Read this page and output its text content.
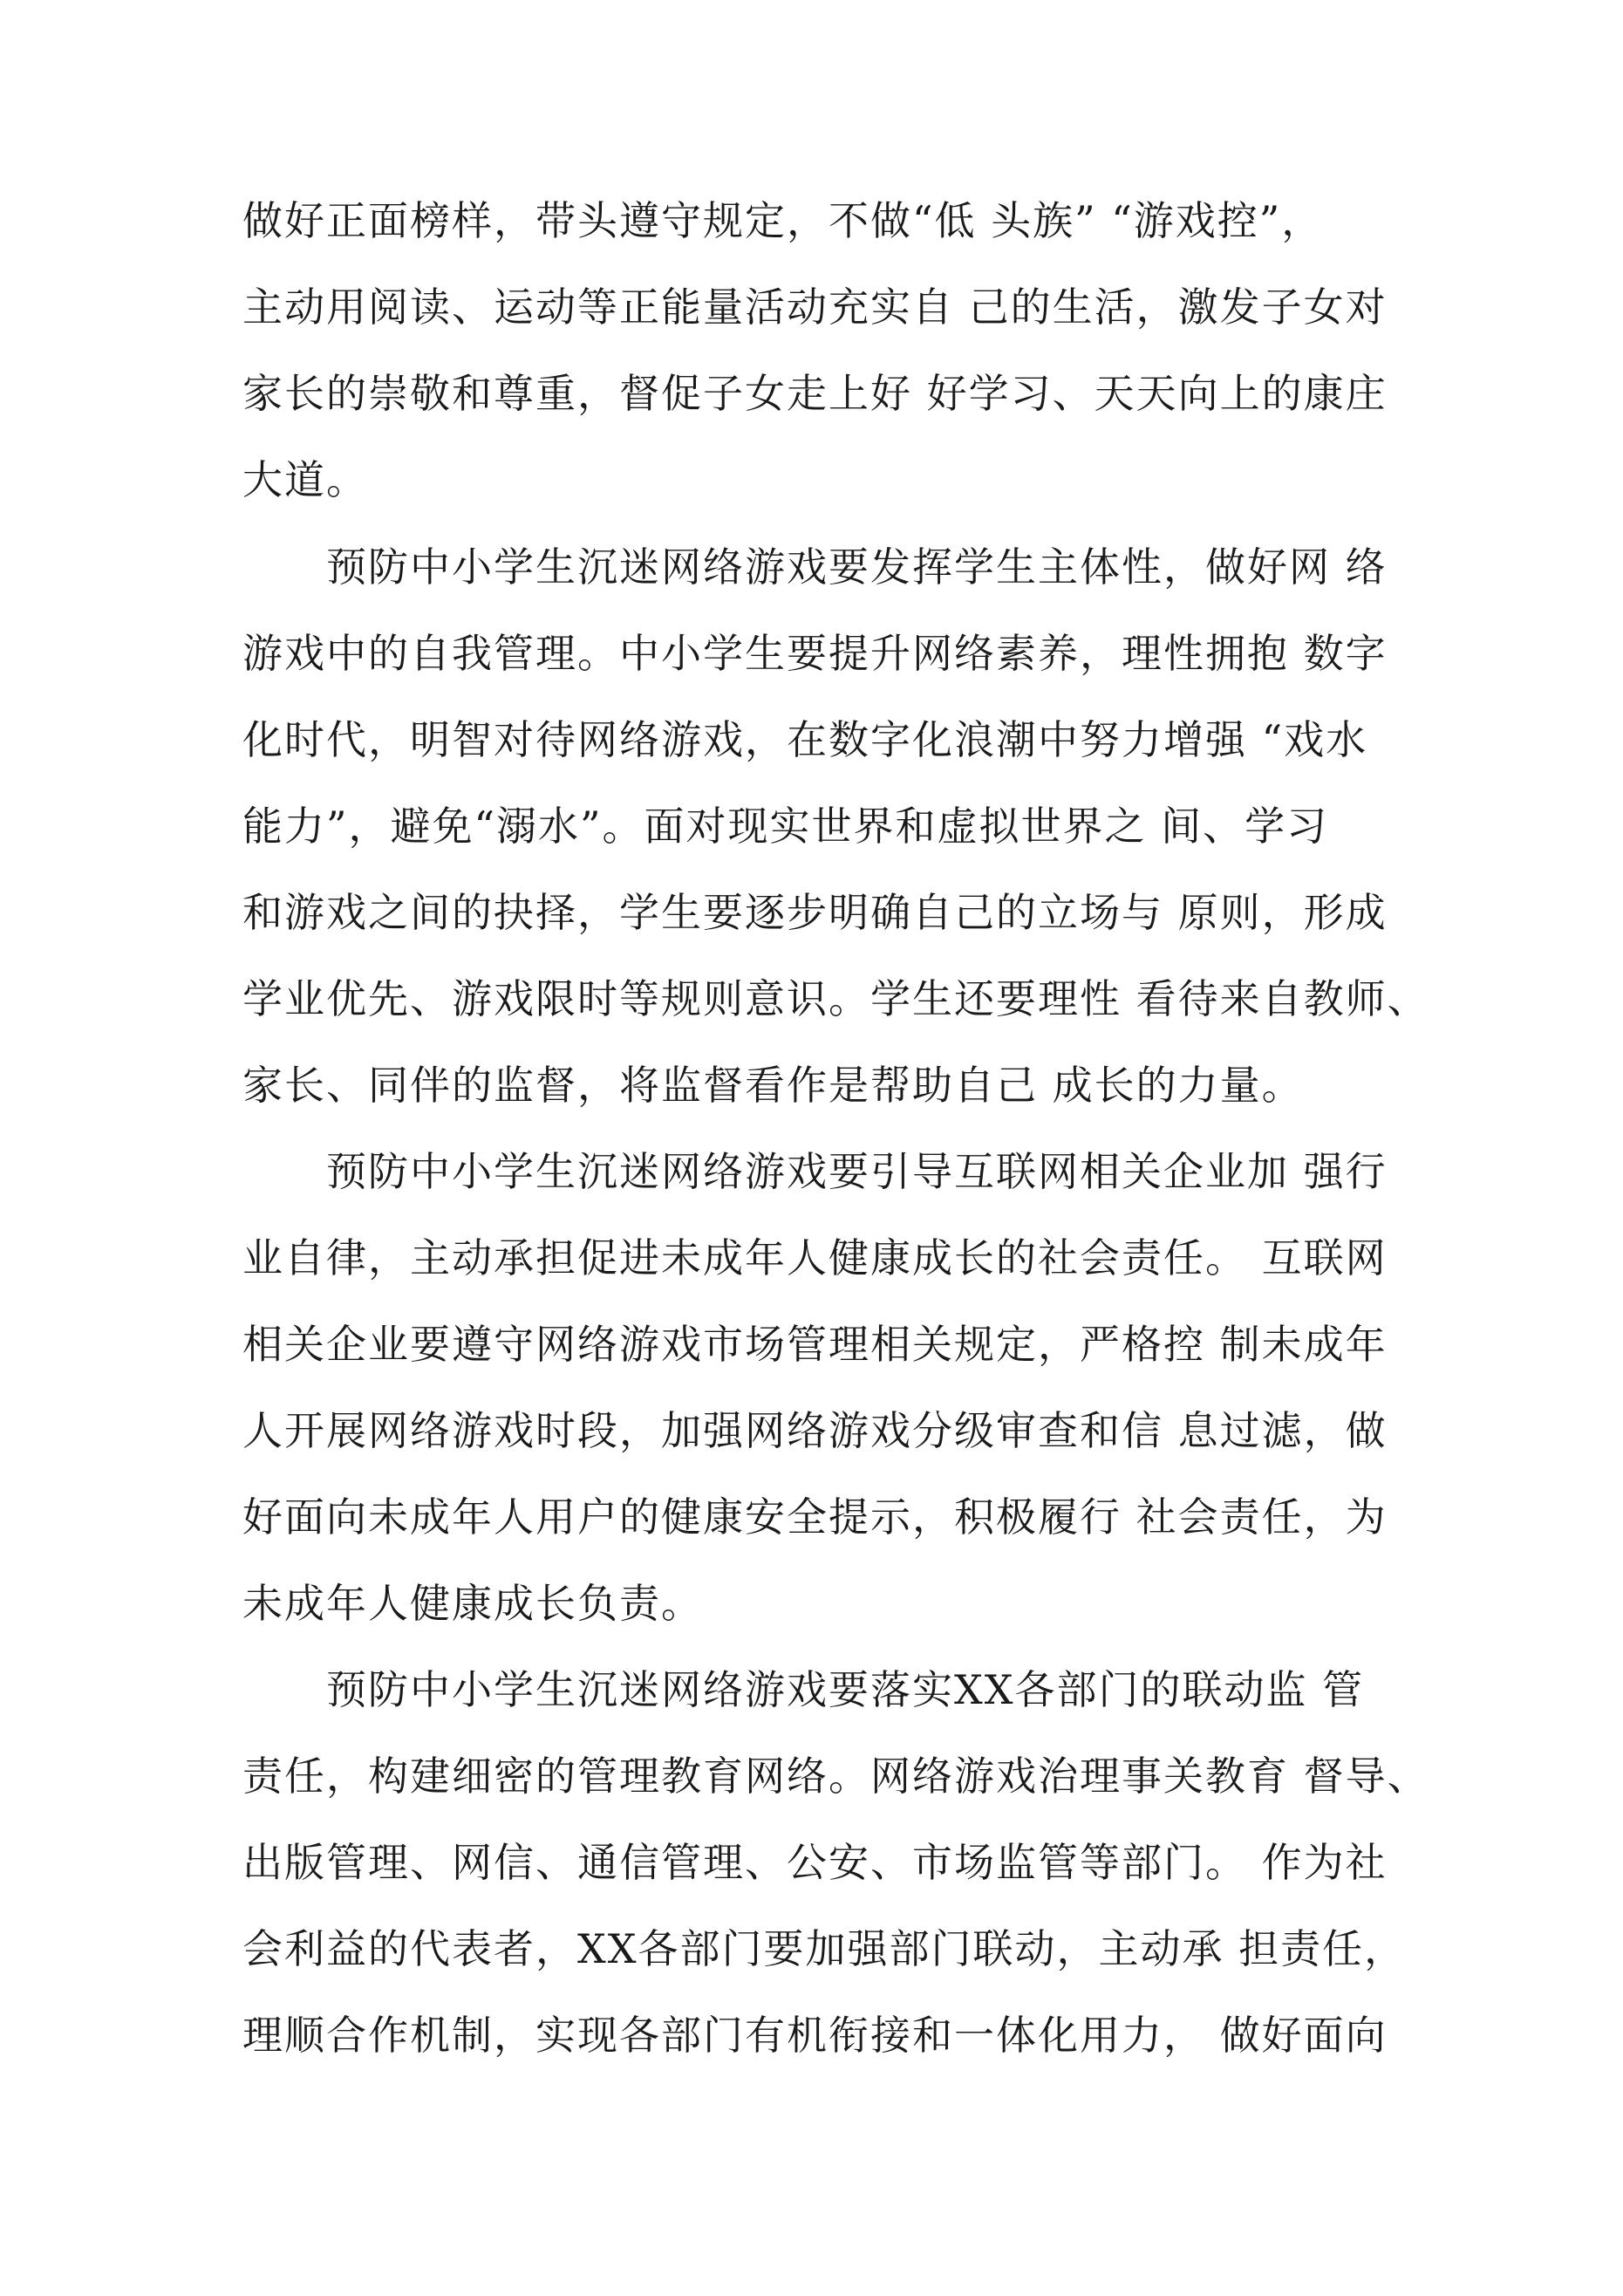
做好正面榜样，带头遵守规定，不做“低 头族” “游戏控”，
主动用阅读、运动等正能量活动充实自 己的生活，激发子女对
家长的崇敬和尊重，督促子女走上好 好学习、天天向上的康庄
大道。
预防中小学生沉迷网络游戏要发挥学生主体性，做好网 络
游戏中的自我管理。中小学生要提升网络素养，理性拥抱 数字
化时代，明智对待网络游戏，在数字化浪潮中努力增强 “戏水
能力”，避免“溺水”。面对现实世界和虚拟世界之 间、学习
和游戏之间的抉择，学生要逐步明确自己的立场与 原则，形成
学业优先、游戏限时等规则意识。学生还要理性 看待来自教师、
家长、同伴的监督，将监督看作是帮助自己 成长的力量。
预防中小学生沉迷网络游戏要引导互联网相关企业加 强行
业自律，主动承担促进未成年人健康成长的社会责任。 互联网
相关企业要遵守网络游戏市场管理相关规定，严格控 制未成年
人开展网络游戏时段，加强网络游戏分级审查和信 息过滤，做
好面向未成年人用户的健康安全提示，积极履行 社会责任，为
未成年人健康成长负责。
预防中小学生沉迷网络游戏要落实XX各部门的联动监 管
责任，构建细密的管理教育网络。网络游戏治理事关教育 督导、
出版管理、网信、通信管理、公安、市场监管等部门。 作为社
会利益的代表者，XX各部门要加强部门联动，主动承 担责任，
理顺合作机制，实现各部门有机衔接和一体化用力， 做好面向
